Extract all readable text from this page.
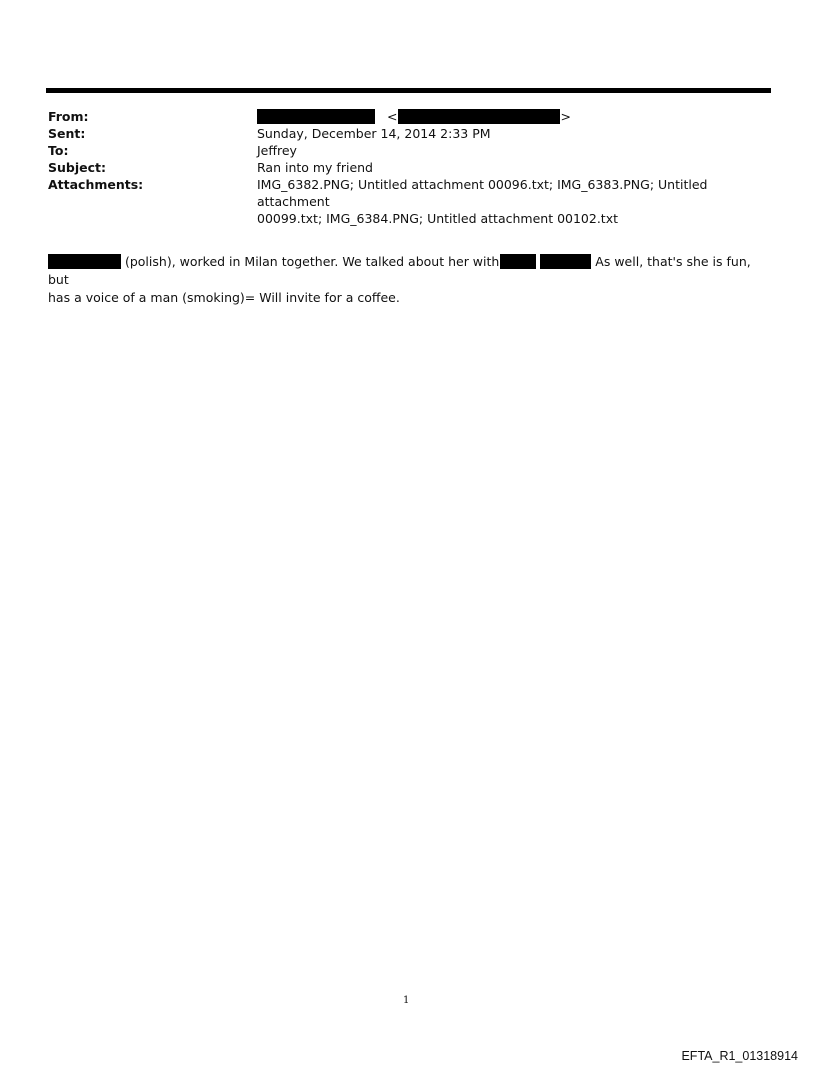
From:	<	>
Sent:	Sunday, December 14, 2014 2:33 PM
To:	Jeffrey
Subject:	Ran into my friend
Attachments:	IMG_6382.PNG; Untitled attachment 00096.txt; IMG_6383.PNG; Untitled attachment
00099.txt; IMG_6384.PNG; Untitled attachment 00102.txt
(polish), worked in Milan together. We talked about her with	As well, that's she is fun, but
has a voice of a man (smoking)= Will invite for a coffee.
1
EFTA_R1_01318914
